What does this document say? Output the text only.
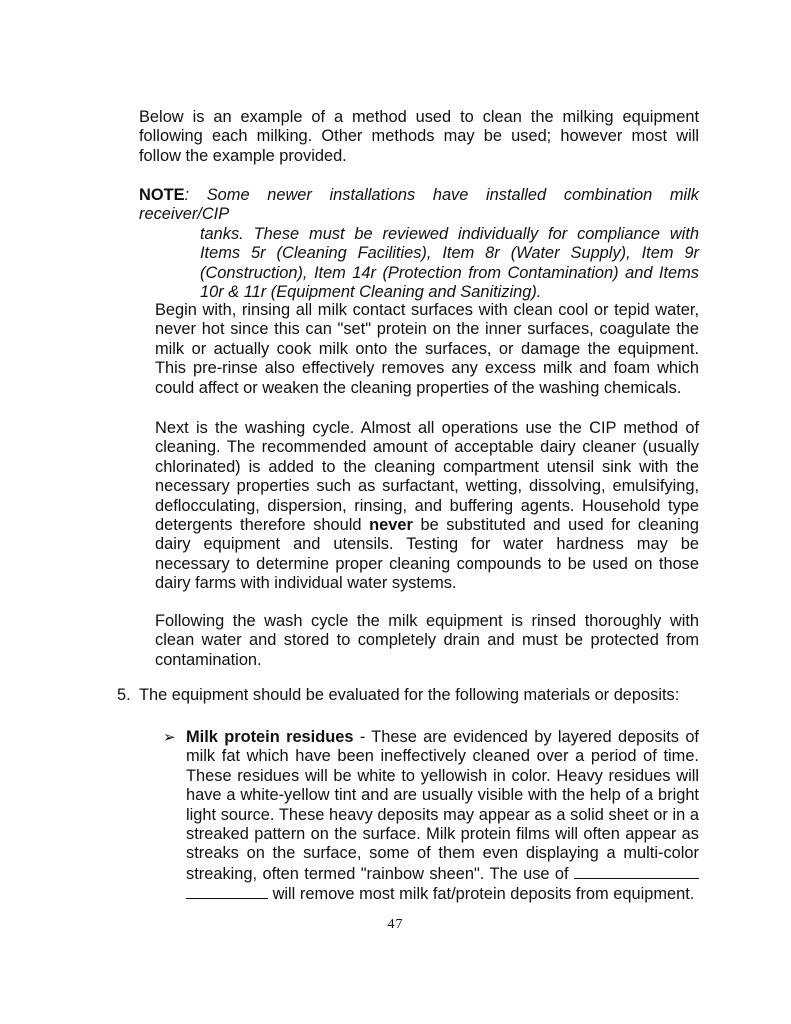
Below is an example of a method used to clean the milking equipment following each milking. Other methods may be used; however most will follow the example provided.

NOTE: Some newer installations have installed combination milk receiver/CIP
tanks. These must be reviewed individually for compliance with Items 5r (Cleaning Facilities), Item 8r (Water Supply), Item 9r (Construction), Item 14r (Protection from Contamination) and Items 10r & 11r (Equipment Cleaning and Sanitizing).

Begin with, rinsing all milk contact surfaces with clean cool or tepid water, never hot since this can "set" protein on the inner surfaces, coagulate the milk or actually cook milk onto the surfaces, or damage the equipment. This pre-rinse also effectively removes any excess milk and foam which could affect or weaken the cleaning properties of the washing chemicals.

Next is the washing cycle. Almost all operations use the CIP method of cleaning. The recommended amount of acceptable dairy cleaner (usually chlorinated) is added to the cleaning compartment utensil sink with the necessary properties such as surfactant, wetting, dissolving, emulsifying, deflocculating, dispersion, rinsing, and buffering agents. Household type detergents therefore should never be substituted and used for cleaning dairy equipment and utensils. Testing for water hardness may be necessary to determine proper cleaning compounds to be used on those dairy farms with individual water systems.

Following the wash cycle the milk equipment is rinsed thoroughly with clean water and stored to completely drain and must be protected from contamination.

5. The equipment should be evaluated for the following materials or deposits:

➢ Milk protein residues - These are evidenced by layered deposits of milk fat which have been ineffectively cleaned over a period of time. These residues will be white to yellowish in color. Heavy residues will have a white-yellow tint and are usually visible with the help of a bright light source. These heavy deposits may appear as a solid sheet or in a streaked pattern on the surface. Milk protein films will often appear as streaks on the surface, some of them even displaying a multi-color streaking, often termed "rainbow sheen". The use of   will remove most milk fat/protein deposits from equipment.

47
